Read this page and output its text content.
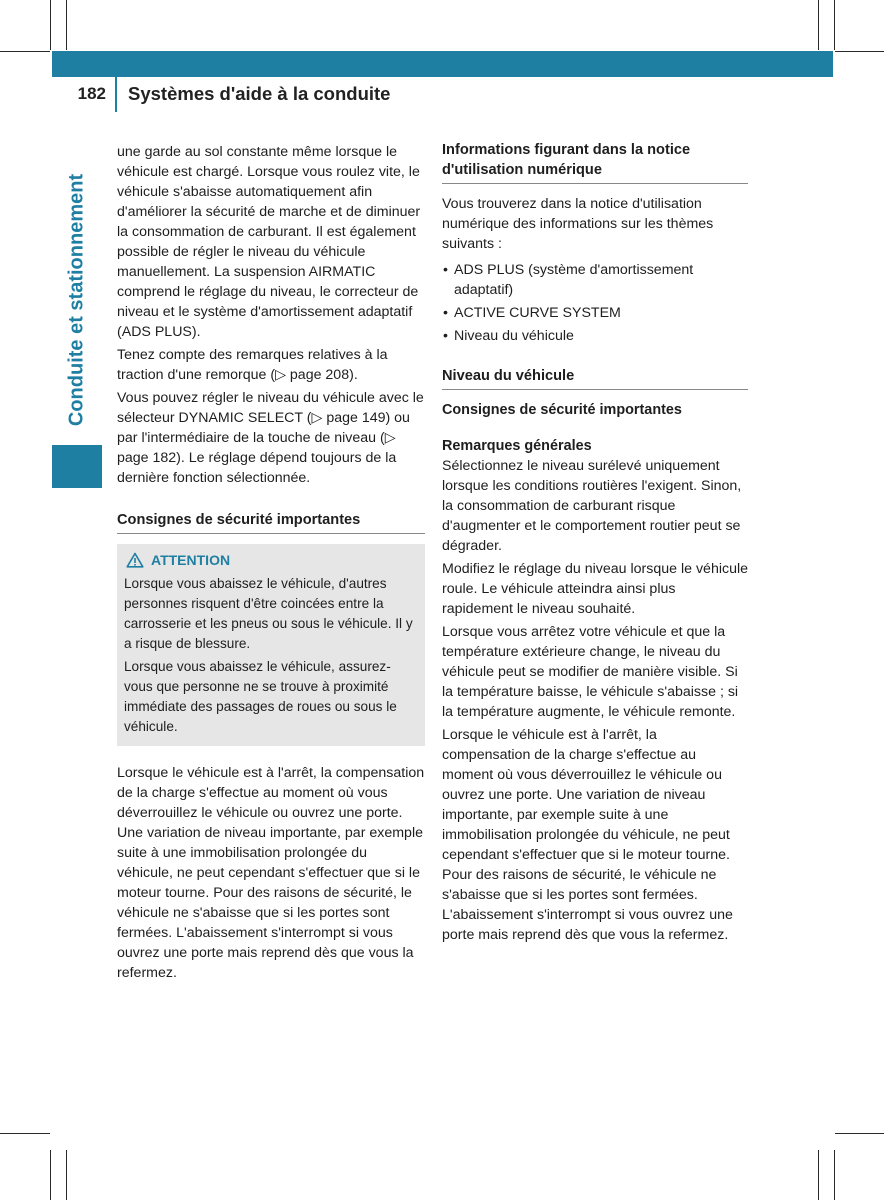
182	Systèmes d'aide à la conduite
Conduite et stationnement

une garde au sol constante même lorsque le véhicule est chargé. Lorsque vous roulez vite, le véhicule s'abaisse automatiquement afin d'améliorer la sécurité de marche et de diminuer la consommation de carburant. Il est également possible de régler le niveau du véhicule manuellement. La suspension AIRMATIC comprend le réglage du niveau, le correcteur de niveau et le système d'amortissement adaptatif (ADS PLUS).

Tenez compte des remarques relatives à la traction d'une remorque (▷ page 208).

Vous pouvez régler le niveau du véhicule avec le sélecteur DYNAMIC SELECT (▷ page 149) ou par l'intermédiaire de la touche de niveau (▷ page 182). Le réglage dépend toujours de la dernière fonction sélectionnée.

Consignes de sécurité importantes
ATTENTION

Lorsque vous abaissez le véhicule, d'autres personnes risquent d'être coincées entre la carrosserie et les pneus ou sous le véhicule. Il y a risque de blessure.

Lorsque vous abaissez le véhicule, assurez-vous que personne ne se trouve à proximité immédiate des passages de roues ou sous le véhicule.

Lorsque le véhicule est à l'arrêt, la compensation de la charge s'effectue au moment où vous déverrouillez le véhicule ou ouvrez une porte. Une variation de niveau importante, par exemple suite à une immobilisation prolongée du véhicule, ne peut cependant s'effectuer que si le moteur tourne. Pour des raisons de sécurité, le véhicule ne s'abaisse que si les portes sont fermées. L'abaissement s'interrompt si vous ouvrez une porte mais reprend dès que vous la refermez.

Informations figurant dans la notice d'utilisation numérique

Vous trouverez dans la notice d'utilisation numérique des informations sur les thèmes suivants :

• ADS PLUS (système d'amortissement adaptatif)
• ACTIVE CURVE SYSTEM
• Niveau du véhicule
Niveau du véhicule
Consignes de sécurité importantes
Remarques générales

Sélectionnez le niveau surélevé uniquement lorsque les conditions routières l'exigent. Sinon, la consommation de carburant risque d'augmenter et le comportement routier peut se dégrader.

Modifiez le réglage du niveau lorsque le véhicule roule. Le véhicule atteindra ainsi plus rapidement le niveau souhaité.

Lorsque vous arrêtez votre véhicule et que la température extérieure change, le niveau du véhicule peut se modifier de manière visible. Si la température baisse, le véhicule s'abaisse ; si la température augmente, le véhicule remonte.

Lorsque le véhicule est à l'arrêt, la compensation de la charge s'effectue au moment où vous déverrouillez le véhicule ou ouvrez une porte. Une variation de niveau importante, par exemple suite à une immobilisation prolongée du véhicule, ne peut cependant s'effectuer que si le moteur tourne. Pour des raisons de sécurité, le véhicule ne s'abaisse que si les portes sont fermées. L'abaissement s'interrompt si vous ouvrez une porte mais reprend dès que vous la refermez.
